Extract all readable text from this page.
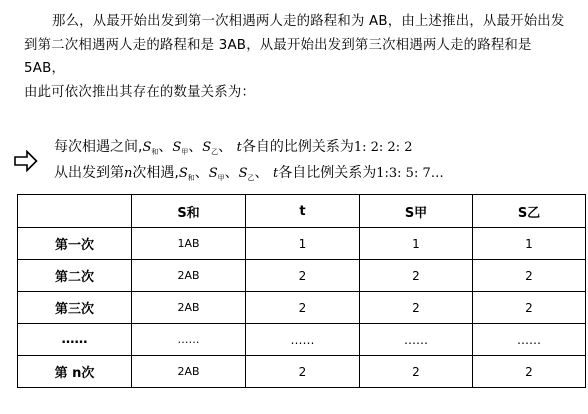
那么，从最开始出发到第一次相遇两人走的路程和为 AB，由上述推出，从最开始出发

到第二次相遇两人走的路程和是 3AB，从最开始出发到第三次相遇两人走的路程和是 5AB，

由此可依次推出其存在的数量关系为：

每次相遇之间$,S_和$、$S_甲$、$S_乙$、 t各自的比例关系为1: 2: 2: 2
从出发到第n次相遇$,S_和$、$S_甲$、$S_乙$、 t各自比例关系为1:3: 5: 7…
	S和	t	S甲	S乙
第一次	1AB	1	1	1
第二次	2AB	2	2	2
第三次	2AB	2	2	2
……	……	……	……	……
第 n次	2AB	2	2	2
